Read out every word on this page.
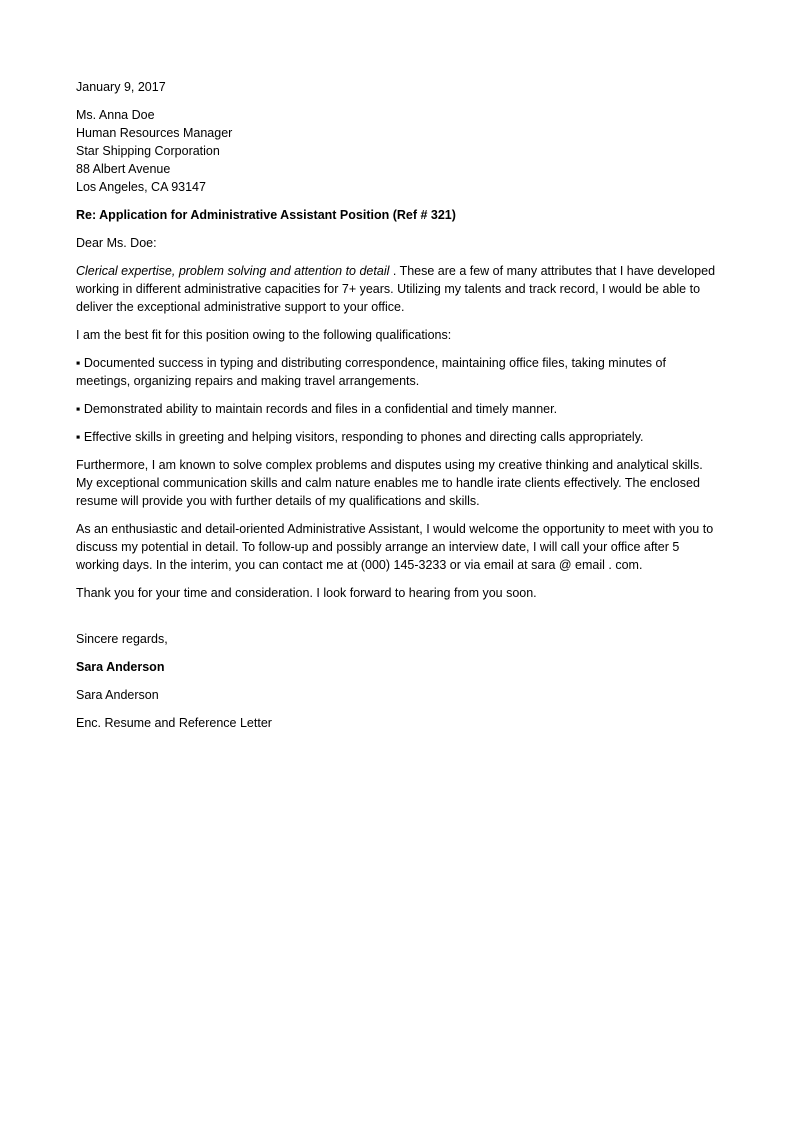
January 9, 2017

Ms. Anna Doe
Human Resources Manager
Star Shipping Corporation
88 Albert Avenue
Los Angeles, CA 93147

Re: Application for Administrative Assistant Position (Ref # 321)

Dear Ms. Doe:

Clerical expertise, problem solving and attention to detail . These are a few of many attributes that I have developed working in different administrative capacities for 7+ years. Utilizing my talents and track record, I would be able to deliver the exceptional administrative support to your office.

I am the best fit for this position owing to the following qualifications:

▪ Documented success in typing and distributing correspondence, maintaining office files, taking minutes of meetings, organizing repairs and making travel arrangements.

▪ Demonstrated ability to maintain records and files in a confidential and timely manner.

▪ Effective skills in greeting and helping visitors, responding to phones and directing calls appropriately.

Furthermore, I am known to solve complex problems and disputes using my creative thinking and analytical skills. My exceptional communication skills and calm nature enables me to handle irate clients effectively. The enclosed resume will provide you with further details of my qualifications and skills.

As an enthusiastic and detail-oriented Administrative Assistant, I would welcome the opportunity to meet with you to discuss my potential in detail. To follow-up and possibly arrange an interview date, I will call your office after 5 working days. In the interim, you can contact me at (000) 145-3233 or via email at sara @ email . com.

Thank you for your time and consideration. I look forward to hearing from you soon.

Sincere regards,

Sara Anderson

Sara Anderson

Enc. Resume and Reference Letter
